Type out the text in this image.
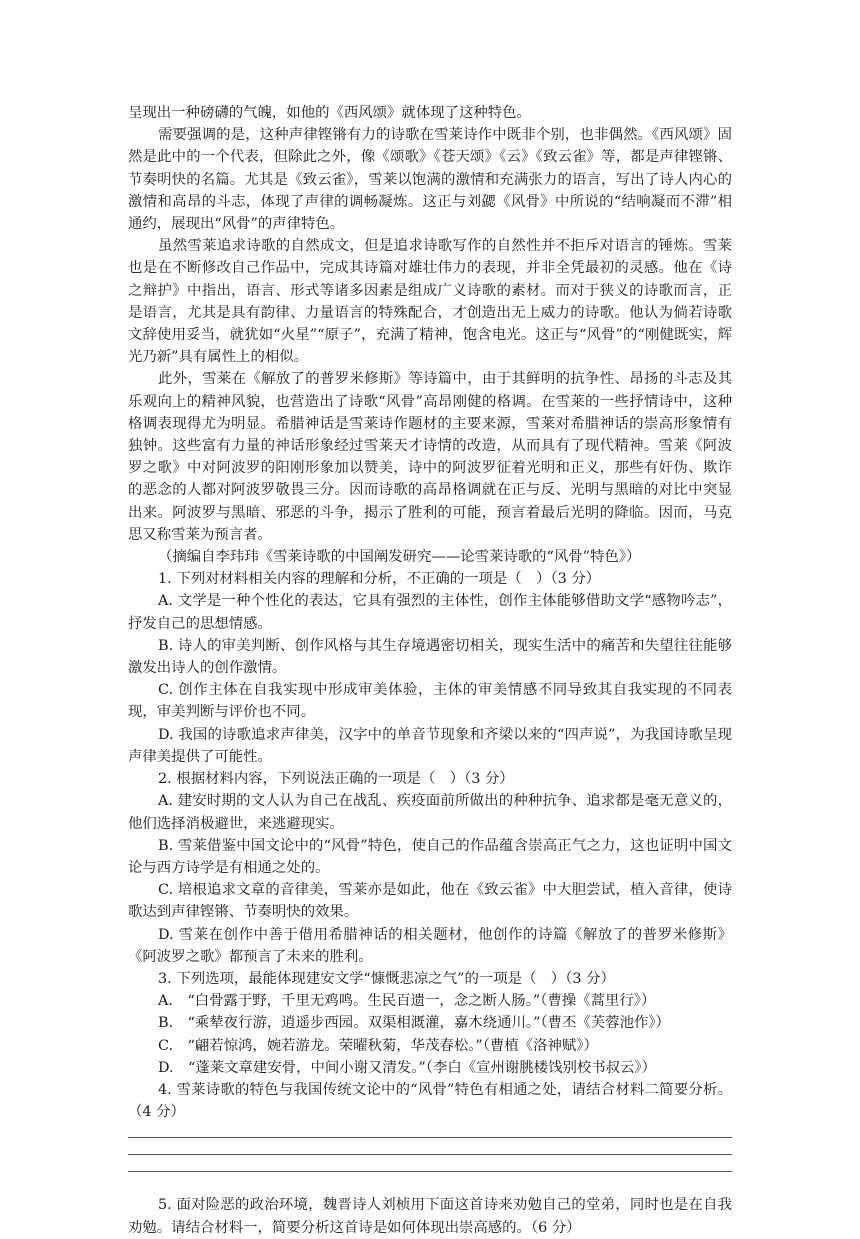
呈现出一种磅礴的气魄，如他的《西风颂》就体现了这种特色。

需要强调的是，这种声律铿锵有力的诗歌在雪莱诗作中既非个别，也非偶然。《西风颂》固然是此中的一个代表，但除此之外，像《颂歌》《苍天颂》《云》《致云雀》等，都是声律铿锵、节奏明快的名篇。尤其是《致云雀》，雪莱以饱满的激情和充满张力的语言，写出了诗人内心的激情和高昂的斗志，体现了声律的调畅凝炼。这正与刘勰《风骨》中所说的“结响凝而不滞”相通约，展现出“风骨”的声律特色。

虽然雪莱追求诗歌的自然成文，但是追求诗歌写作的自然性并不拒斥对语言的锤炼。雪莱也是在不断修改自己作品中，完成其诗篇对雄壮伟力的表现，并非全凭最初的灵感。他在《诗之辩护》中指出，语言、形式等诸多因素是组成广义诗歌的素材。而对于狭义的诗歌而言，正是语言，尤其是具有韵律、力量语言的特殊配合，才创造出无上威力的诗歌。他认为倘若诗歌文辞使用妥当，就犹如“火星”“原子”，充满了精神，饱含电光。这正与“风骨”的“刚健既实，辉光乃新”具有属性上的相似。

此外，雪莱在《解放了的普罗米修斯》等诗篇中，由于其鲜明的抗争性、昂扬的斗志及其乐观向上的精神风貌，也营造出了诗歌“风骨”高昂刚健的格调。在雪莱的一些抒情诗中，这种格调表现得尤为明显。希腊神话是雪莱诗作题材的主要来源，雪莱对希腊神话的崇高形象情有独钟。这些富有力量的神话形象经过雪莱天才诗情的改造，从而具有了现代精神。雪莱《阿波罗之歌》中对阿波罗的阳刚形象加以赞美，诗中的阿波罗征着光明和正义，那些有奸伪、欺诈的恶念的人都对阿波罗敬畏三分。因而诗歌的高昂格调就在正与反、光明与黑暗的对比中突显出来。阿波罗与黑暗、邪恶的斗争，揭示了胜利的可能，预言着最后光明的降临。因而，马克思又称雪莱为预言者。

（摘编自李玮玮《雪莱诗歌的中国阐发研究——论雪莱诗歌的“风骨”特色》）

1. 下列对材料相关内容的理解和分析，不正确的一项是（　）（3 分）

A. 文学是一种个性化的表达，它具有强烈的主体性，创作主体能够借助文学“感物吟志”，抒发自己的思想情感。

B. 诗人的审美判断、创作风格与其生存境遇密切相关，现实生活中的痛苦和失望往往能够激发出诗人的创作激情。

C. 创作主体在自我实现中形成审美体验，主体的审美情感不同导致其自我实现的不同表现，审美判断与评价也不同。

D. 我国的诗歌追求声律美，汉字中的单音节现象和齐梁以来的“四声说”，为我国诗歌呈现声律美提供了可能性。

2. 根据材料内容，下列说法正确的一项是（　）（3 分）

A. 建安时期的文人认为自己在战乱、疾疫面前所做出的种种抗争、追求都是毫无意义的，他们选择消极避世，来逃避现实。

B. 雪莱借鉴中国文论中的“风骨”特色，使自己的作品蕴含崇高正气之力，这也证明中国文论与西方诗学是有相通之处的。

C. 培根追求文章的音律美，雪莱亦是如此，他在《致云雀》中大胆尝试，植入音律，使诗歌达到声律铿锵、节奏明快的效果。

D. 雪莱在创作中善于借用希腊神话的相关题材，他创作的诗篇《解放了的普罗米修斯》《阿波罗之歌》都预言了未来的胜利。

3. 下列选项，最能体现建安文学“慷慨悲凉之气”的一项是（　）（3 分）

A.　“白骨露于野，千里无鸡鸣。生民百遗一，念之断人肠。”（曹操《蒿里行》）

B.　“乘辇夜行游，逍遥步西园。双渠相溉灌，嘉木绕通川。”（曹丕《芙蓉池作》）

C.　“翩若惊鸿，婉若游龙。荣曜秋菊，华茂春松。”（曹植《洛神赋》）

D.　“蓬莱文章建安骨，中间小谢又清发。”（李白《宣州谢朓楼饯别校书叔云》）

4. 雪莱诗歌的特色与我国传统文论中的“风骨”特色有相通之处，请结合材料二简要分析。（4 分）

5. 面对险恶的政治环境，魏晋诗人刘桢用下面这首诗来劝勉自己的堂弟，同时也是在自我劝勉。请结合材料一，简要分析这首诗是如何体现出崇高感的。（6 分）
